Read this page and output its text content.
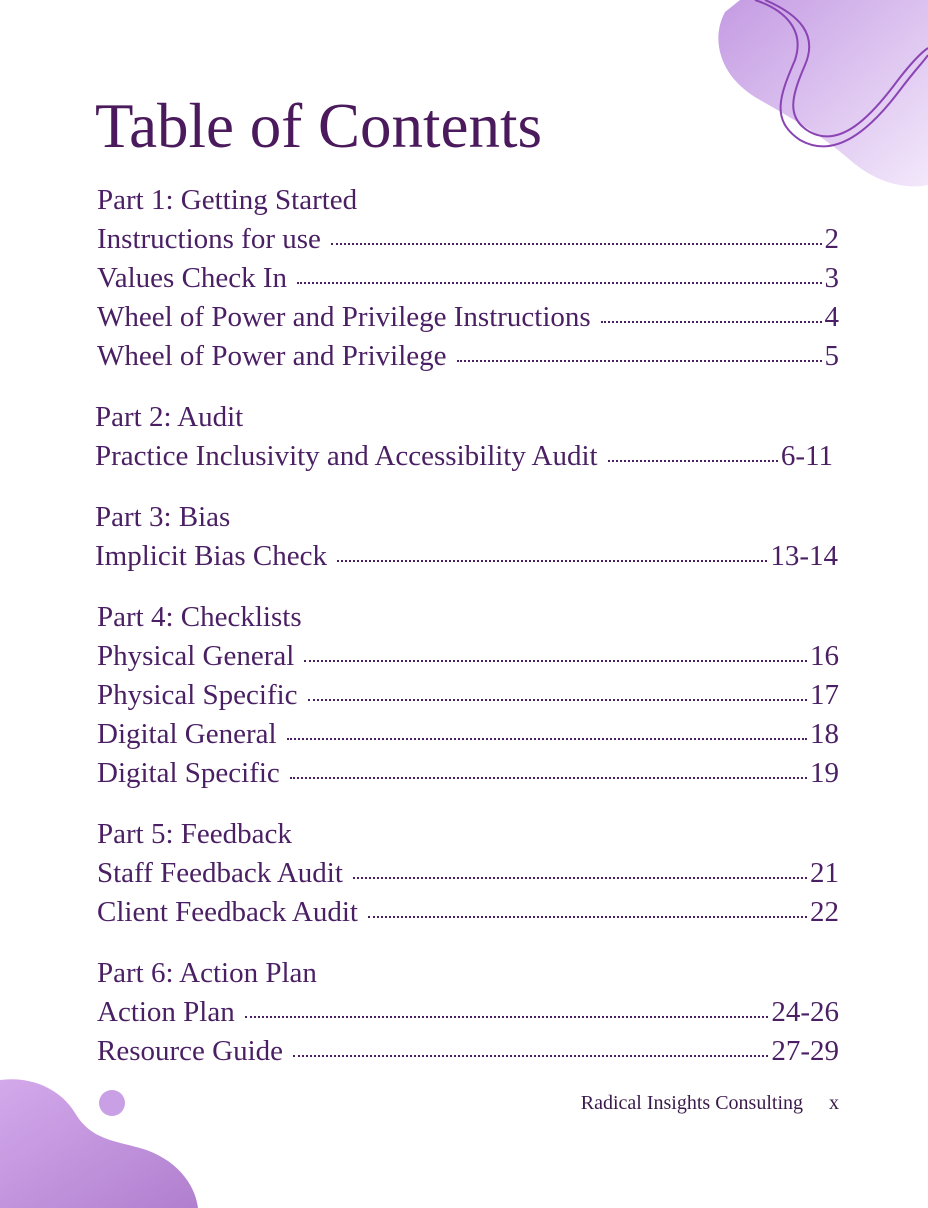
Table of Contents
Part 1: Getting Started
Instructions for use	2
Values Check In	3
Wheel of Power and Privilege Instructions	4
Wheel of Power and Privilege	5
Part 2: Audit
Practice Inclusivity and Accessibility Audit	6-11
Part 3: Bias
Implicit Bias Check	13-14
Part 4: Checklists
Physical General	16
Physical Specific	17
Digital General	18
Digital Specific	19
Part 5: Feedback
Staff Feedback Audit	21
Client Feedback Audit	22
Part 6: Action Plan
Action Plan	24-26
Resource Guide	27-29
Radical Insights Consulting x
